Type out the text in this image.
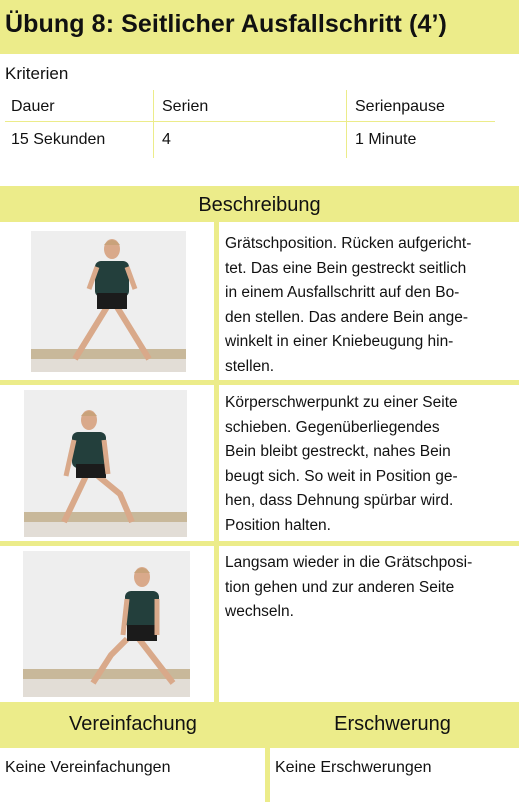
Übung 8: Seitlicher Ausfallschritt (4’)
Kriterien
Dauer	Serien	Serienpause
15 Sekunden	4	1 Minute
Beschreibung
Grätschposition. Rücken aufgericht-
tet. Das eine Bein gestreckt seitlich
in einem Ausfallschritt auf den Bo-
den stellen. Das andere Bein ange-
winkelt in einer Kniebeugung hin-
stellen.
Körperschwerpunkt zu einer Seite
schieben. Gegenüberliegendes
Bein bleibt gestreckt, nahes Bein
beugt sich. So weit in Position ge-
hen, dass Dehnung spürbar wird.
Position halten.
Langsam wieder in die Grätschposi-
tion gehen und zur anderen Seite
wechseln.
Vereinfachung	Erschwerung
Keine Vereinfachungen	Keine Erschwerungen
